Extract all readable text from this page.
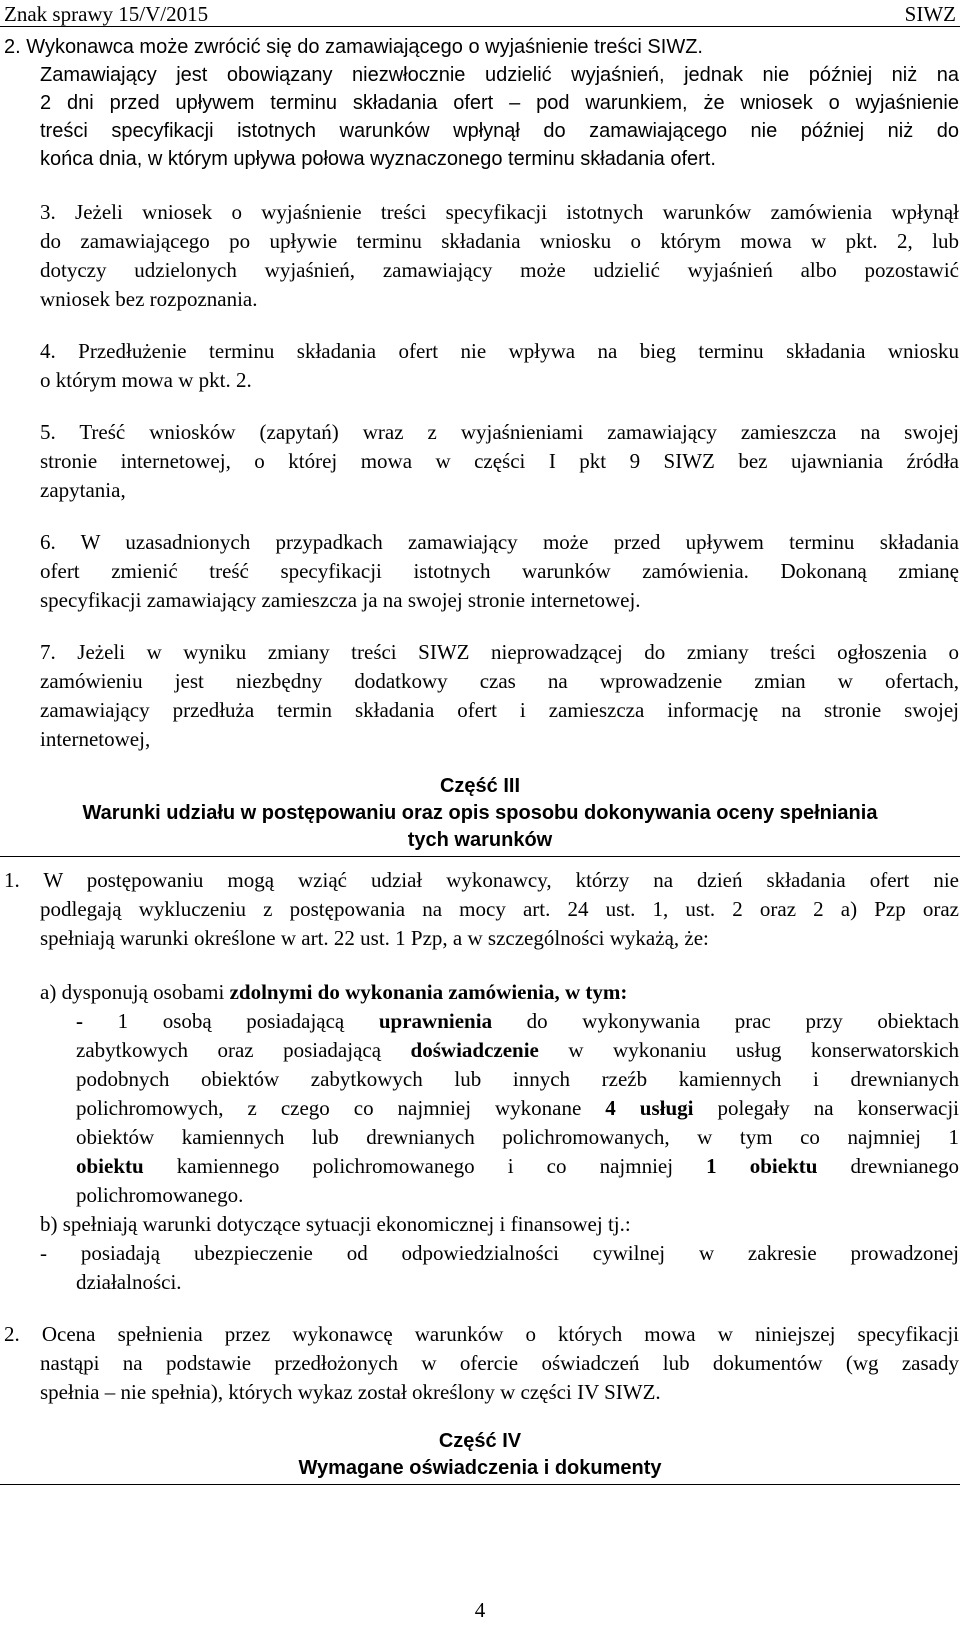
Znak sprawy 15/V/2015	SIWZ
2. Wykonawca może zwrócić się do zamawiającego o wyjaśnienie treści SIWZ.
Zamawiający jest obowiązany niezwłocznie udzielić wyjaśnień, jednak nie później niż na
2 dni przed upływem terminu składania ofert – pod warunkiem, że wniosek o wyjaśnienie
treści specyfikacji istotnych warunków wpłynął do zamawiającego nie później niż do
końca dnia, w którym upływa połowa wyznaczonego terminu składania ofert.
3. Jeżeli wniosek o wyjaśnienie treści specyfikacji istotnych warunków zamówienia wpłynął
do zamawiającego po upływie terminu składania wniosku o którym mowa w pkt. 2, lub
dotyczy udzielonych wyjaśnień, zamawiający może udzielić wyjaśnień albo pozostawić
wniosek bez rozpoznania.
4. Przedłużenie terminu składania ofert nie wpływa na bieg terminu składania wniosku
o którym mowa w pkt. 2.
5. Treść wniosków (zapytań) wraz z wyjaśnieniami zamawiający zamieszcza na swojej
stronie internetowej, o której mowa w części I pkt 9 SIWZ bez ujawniania źródła
zapytania,
6. W uzasadnionych przypadkach zamawiający może przed upływem terminu składania
ofert zmienić treść specyfikacji istotnych warunków zamówienia. Dokonaną zmianę
specyfikacji zamawiający zamieszcza ja na swojej stronie internetowej.
7. Jeżeli w wyniku zmiany treści SIWZ nieprowadzącej do zmiany treści ogłoszenia o
zamówieniu jest niezbędny dodatkowy czas na wprowadzenie zmian w ofertach,
zamawiający przedłuża termin składania ofert i zamieszcza informację na stronie swojej
internetowej,
Część III
Warunki udziału w postępowaniu oraz opis sposobu dokonywania oceny spełniania
tych warunków
1. W postępowaniu mogą wziąć udział wykonawcy, którzy na dzień składania ofert nie
podlegają wykluczeniu z postępowania na mocy art. 24 ust. 1, ust. 2 oraz 2 a) Pzp oraz
spełniają warunki określone w art. 22 ust. 1 Pzp, a w szczególności wykażą, że:
a) dysponują osobami zdolnymi do wykonania zamówienia, w tym:
- 1 osobą posiadającą uprawnienia do wykonywania prac przy obiektach
zabytkowych oraz posiadającą doświadczenie w wykonaniu usług konserwatorskich
podobnych obiektów zabytkowych lub innych rzeźb kamiennych i drewnianych
polichromowych, z czego co najmniej wykonane 4 usługi polegały na konserwacji
obiektów kamiennych lub drewnianych polichromowanych, w tym co najmniej 1
obiektu kamiennego polichromowanego i co najmniej 1 obiektu drewnianego
polichromowanego.
b) spełniają warunki dotyczące sytuacji ekonomicznej i finansowej tj.:
- posiadają ubezpieczenie od odpowiedzialności cywilnej w zakresie prowadzonej
działalności.
2. Ocena spełnienia przez wykonawcę warunków o których mowa w niniejszej specyfikacji
nastąpi na podstawie przedłożonych w ofercie oświadczeń lub dokumentów (wg zasady
spełnia – nie spełnia), których wykaz został określony w części IV SIWZ.
Część IV
Wymagane oświadczenia i dokumenty
4
